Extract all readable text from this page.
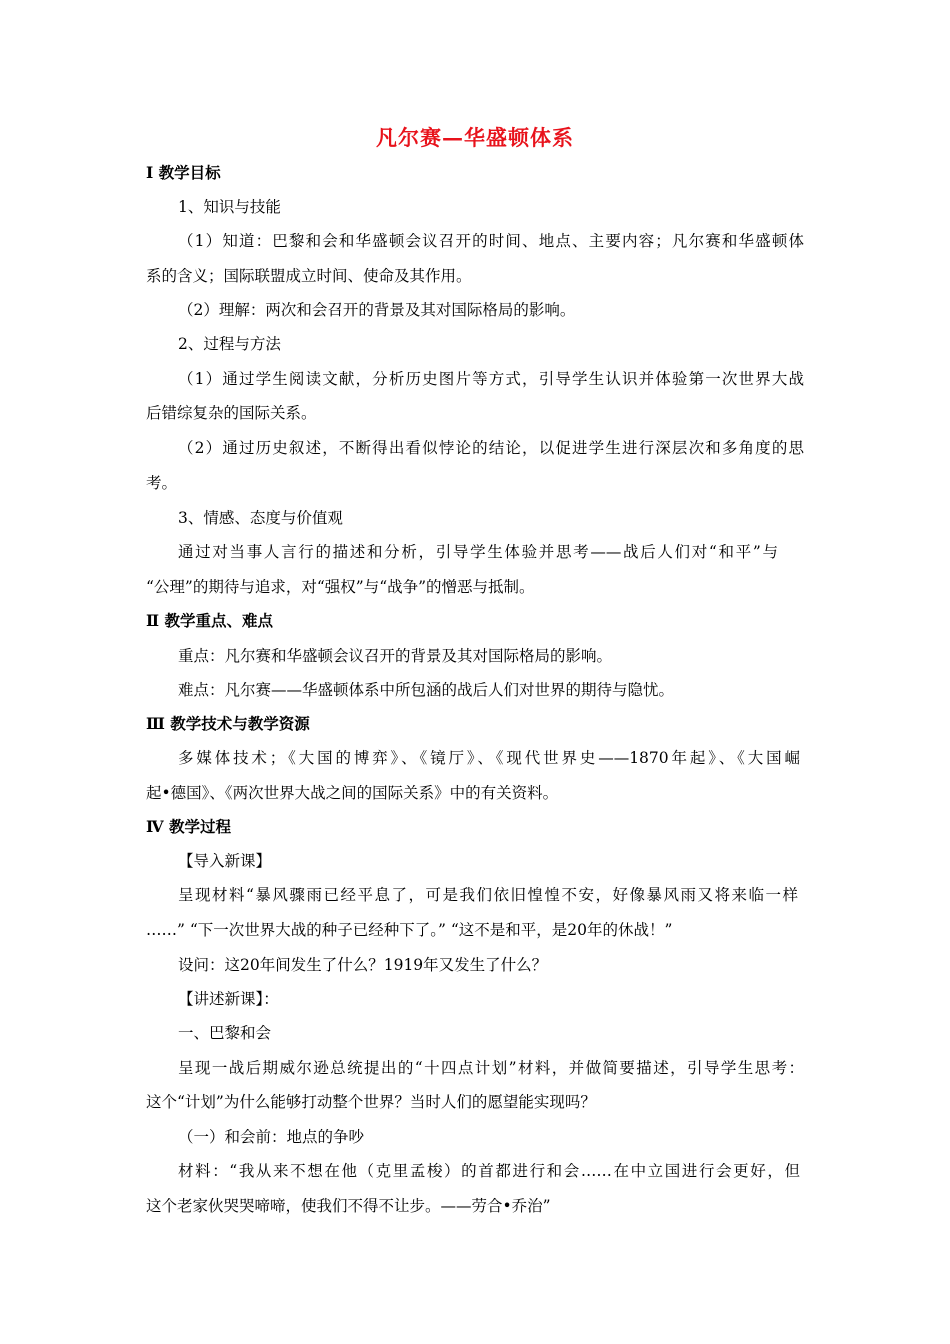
凡尔赛—华盛顿体系
Ⅰ 教学目标
1、知识与技能
（1）知道：巴黎和会和华盛顿会议召开的时间、地点、主要内容；凡尔赛和华盛顿体
系的含义；国际联盟成立时间、使命及其作用。
（2）理解：两次和会召开的背景及其对国际格局的影响。
2、过程与方法
（1）通过学生阅读文献，分析历史图片等方式，引导学生认识并体验第一次世界大战
后错综复杂的国际关系。
（2）通过历史叙述，不断得出看似悖论的结论，以促进学生进行深层次和多角度的思
考。
3、情感、态度与价值观
通过对当事人言行的描述和分析，引导学生体验并思考——战后人们对“和平”与
“公理”的期待与追求，对“强权”与“战争”的憎恶与抵制。
Ⅱ 教学重点、难点
重点：凡尔赛和华盛顿会议召开的背景及其对国际格局的影响。
难点：凡尔赛——华盛顿体系中所包涵的战后人们对世界的期待与隐忧。
Ⅲ 教学技术与教学资源
多媒体技术；《大国的博弈》、《镜厅》、《现代世界史——1870年起》、《大国崛
起•德国》、《两次世界大战之间的国际关系》中的有关资料。
Ⅳ 教学过程
【导入新课】
呈现材料“暴风骤雨已经平息了，可是我们依旧惶惶不安，好像暴风雨又将来临一样
……” “下一次世界大战的种子已经种下了。” “这不是和平，是20年的休战！”
设问：这20年间发生了什么？1919年又发生了什么？
【讲述新课】：
一、巴黎和会
呈现一战后期威尔逊总统提出的“十四点计划”材料，并做简要描述，引导学生思考：
这个“计划”为什么能够打动整个世界？当时人们的愿望能实现吗？
（一）和会前：地点的争吵
材料：“我从来不想在他（克里孟梭）的首都进行和会……在中立国进行会更好，但
这个老家伙哭哭啼啼，使我们不得不让步。——劳合•乔治”
